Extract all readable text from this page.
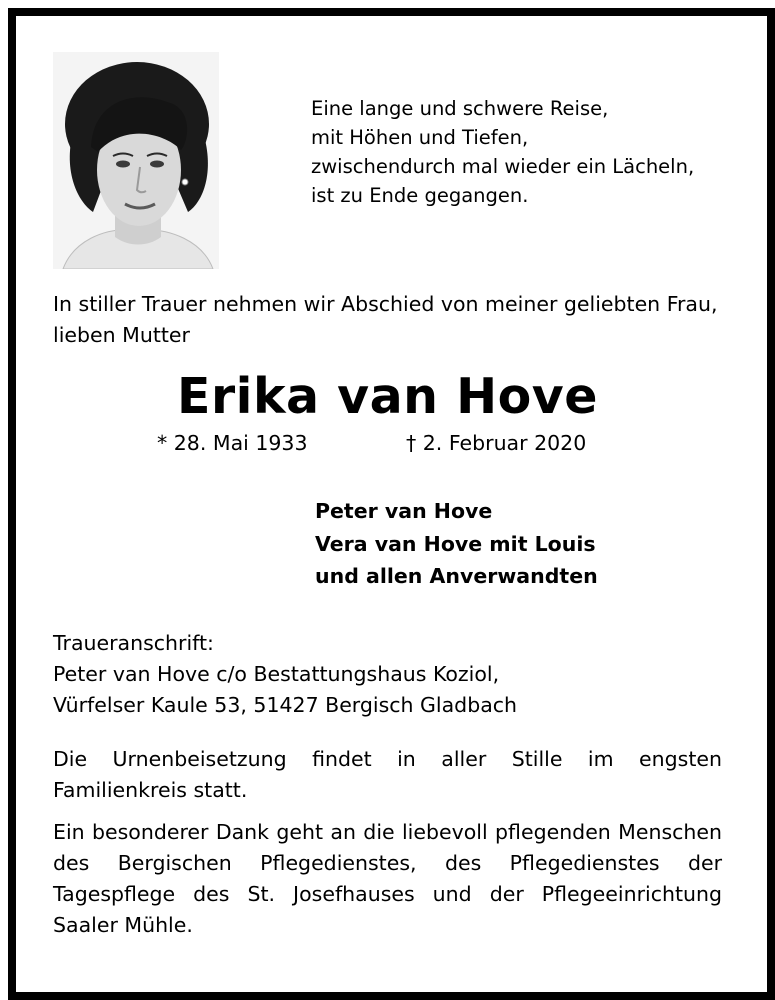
Eine lange und schwere Reise,
mit Höhen und Tiefen,
zwischendurch mal wieder ein Lächeln,
ist zu Ende gegangen.
In stiller Trauer nehmen wir Abschied von meiner geliebten Frau, lieben Mutter
Erika van Hove
* 28. Mai 1933	† 2. Februar 2020
Peter van Hove
Vera van Hove mit Louis
und allen Anverwandten
Traueranschrift:
Peter van Hove c/o Bestattungshaus Koziol,
Vürfelser Kaule 53, 51427 Bergisch Gladbach
Die Urnenbeisetzung findet in aller Stille im engsten Familienkreis statt.
Ein besonderer Dank geht an die liebevoll pflegenden Menschen des Bergischen Pflegedienstes, des Pflegedienstes der Tagespflege des St. Josefhauses und der Pflegeeinrichtung Saaler Mühle.
